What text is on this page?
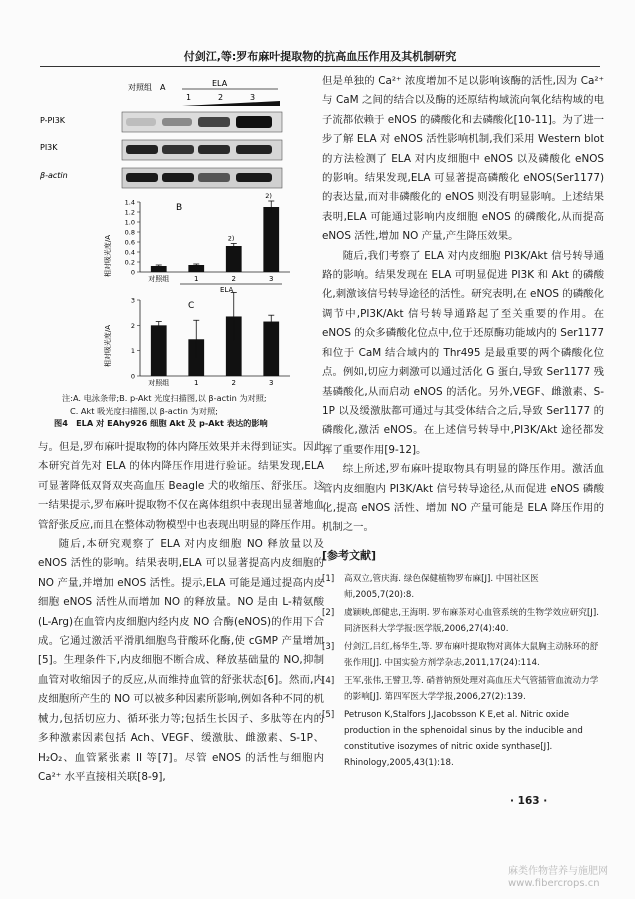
付剑江,等:罗布麻叶提取物的抗高血压作用及其机制研究
对照组 A	ELA
1	2	3
P-PI3K
PI3K
β-actin
B
相对吸光度/A
1.4
1.2
1.0
0.8
0.6
0.4
0.2
0
2)
2)
对照组	1	2	3
ELA
C
相对吸光度/A
3
2
1
0
对照组	1	2	3
注:A. 电泳条带;B. p-Akt 光度扫描图,以 β-actin 为对照;
C. Akt 吸光度扫描图,以 β-actin 为对照;
图4　ELA 对 EAhy926 细胞 Akt 及 p-Akt 表达的影响

与。但是,罗布麻叶提取物的体内降压效果并未得到证实。因此本研究首先对 ELA 的体内降压作用进行验证。结果发现,ELA 可显著降低双肾双夹高血压 Beagle 犬的收缩压、舒张压。这一结果提示,罗布麻叶提取物不仅在离体组织中表现出显著地血管舒张反应,而且在整体动物模型中也表现出明显的降压作用。

随后,本研究观察了 ELA 对内皮细胞 NO 释放量以及 eNOS 活性的影响。结果表明,ELA 可以显著提高内皮细胞的 NO 产量,并增加 eNOS 活性。提示,ELA 可能是通过提高内皮细胞 eNOS 活性从而增加 NO 的释放量。NO 是由 L-精氨酸(L-Arg)在血管内皮细胞内经内皮 NO 合酶(eNOS)的作用下合成。它通过激活平滑肌细胞鸟苷酸环化酶,使 cGMP 产量增加[5]。生理条件下,内皮细胞不断合成、释放基础量的 NO,抑制血管对收缩因子的反应,从而维持血管的舒张状态[6]。然而,内皮细胞所产生的 NO 可以被多种因素所影响,例如各种不同的机械力,包括切应力、循环张力等;包括生长因子、多肽等在内的多种激素因素包括 Ach、VEGF、缓激肽、雌激素、S-1P、H₂O₂、血管紧张素 II 等[7]。尽管 eNOS 的活性与细胞内 Ca²⁺ 水平直接相关联[8-9],

但是单独的 Ca²⁺ 浓度增加不足以影响该酶的活性,因为 Ca²⁺ 与 CaM 之间的结合以及酶的还原结构域流向氧化结构域的电子流都依赖于 eNOS 的磷酸化和去磷酸化[10-11]。为了进一步了解 ELA 对 eNOS 活性影响机制,我们采用 Western blot 的方法检测了 ELA 对内皮细胞中 eNOS 以及磷酸化 eNOS 的影响。结果发现,ELA 可显著提高磷酸化 eNOS(Ser1177)的表达量,而对非磷酸化的 eNOS 则没有明显影响。上述结果表明,ELA 可能通过影响内皮细胞 eNOS 的磷酸化,从而提高 eNOS 活性,增加 NO 产量,产生降压效果。

随后,我们考察了 ELA 对内皮细胞 PI3K/Akt 信号转导通路的影响。结果发现在 ELA 可明显促进 PI3K 和 Akt 的磷酸化,刺激该信号转导途径的活性。研究表明,在 eNOS 的磷酸化调节中,PI3K/Akt 信号转导通路起了至关重要的作用。在 eNOS 的众多磷酸化位点中,位于还原酶功能域内的 Ser1177 和位于 CaM 结合域内的 Thr495 是最重要的两个磷酸化位点。例如,切应力刺激可以通过活化 G 蛋白,导致 Ser1177 残基磷酸化,从而启动 eNOS 的活化。另外,VEGF、雌激素、S-1P 以及缓激肽都可通过与其受体结合之后,导致 Ser1177 的磷酸化,激活 eNOS。在上述信号转导中,PI3K/Akt 途径都发挥了重要作用[9-12]。

综上所述,罗布麻叶提取物具有明显的降压作用。激活血管内皮细胞内 PI3K/Akt 信号转导途径,从而促进 eNOS 磷酸化,提高 eNOS 活性、增加 NO 产量可能是 ELA 降压作用的机制之一。

[参考文献]
[1]	高双立,管庆海. 绿色保健植物罗布麻[J]. 中国社区医师,2005,7(20):8.
[2]	虞颖映,郎健忠,王海明. 罗布麻茶对心血管系统的生物学效应研究[J]. 同济医科大学学报:医学版,2006,27(4):40.
[3]	付剑江,吕红,杨华生,等. 罗布麻叶提取物对离体大鼠胸主动脉环的舒张作用[J]. 中国实验方剂学杂志,2011,17(24):114.
[4]	王军,张伟,王譬卫,等. 硝普钠预处理对高血压犬气管插管血流动力学的影响[J]. 第四军医大学学报,2006,27(2):139.
[5]	Petruson K,Stalfors J,Jacobsson K E,et al. Nitric oxide production in the sphenoidal sinus by the inducible and constitutive isozymes of nitric oxide synthase[J]. Rhinology,2005,43(1):18.
· 163 ·
麻类作物营养与施肥网
www.fibercrops.cn
